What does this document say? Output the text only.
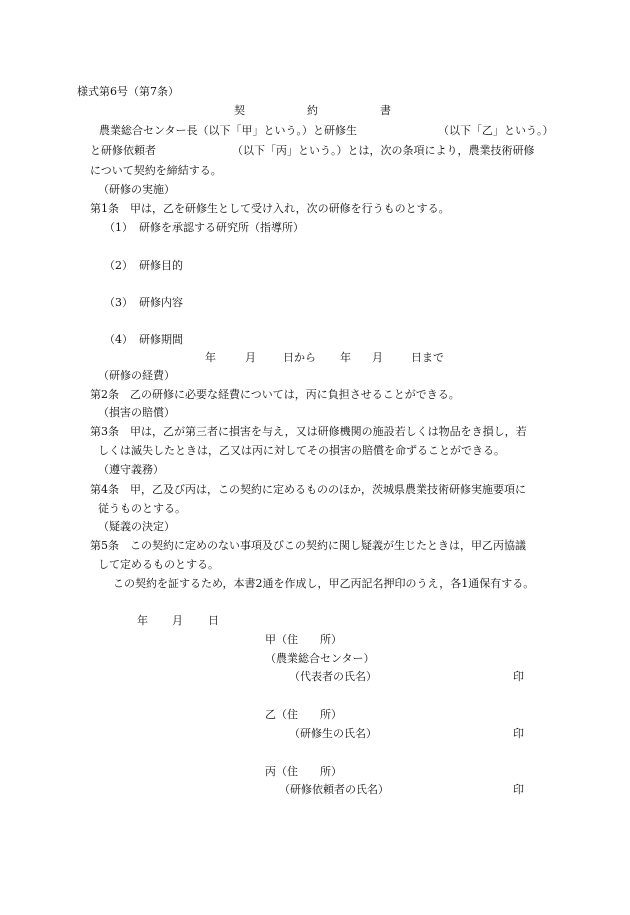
様式第6号（第7条）
契	約	書
農業総合センター長（以下「甲」という。）と研修生	（以下「乙」という。）
と研修依頼者	（以下「丙」という。）とは，次の条項により，農業技術研修
について契約を締結する。
（研修の実施）
第1条　甲は，乙を研修生として受け入れ，次の研修を行うものとする。
（1） 研修を承認する研究所（指導所）
（2） 研修目的
（3） 研修内容
（4） 研修期間
年	月 日から 年 月	日まで
（研修の経費）
第2条　乙の研修に必要な経費については，丙に負担させることができる。
（損害の賠償）
第3条　甲は，乙が第三者に損害を与え，又は研修機関の施設若しくは物品をき損し，若
しくは滅失したときは，乙又は丙に対してその損害の賠償を命ずることができる。
（遵守義務）
第4条　甲，乙及び丙は，この契約に定めるもののほか，茨城県農業技術研修実施要項に
従うものとする。
（疑義の決定）
第5条　この契約に定めのない事項及びこの契約に関し疑義が生じたときは，甲乙丙協議
して定めるものとする。
この契約を証するため，本書2通を作成し，甲乙丙記名押印のうえ，各1通保有する。
年 月 日
甲（住　　所）
（農業総合センター）
（代表者の氏名）	印
乙（住　　所）
（研修生の氏名）	印
丙（住　　所）
（研修依頼者の氏名）	印
